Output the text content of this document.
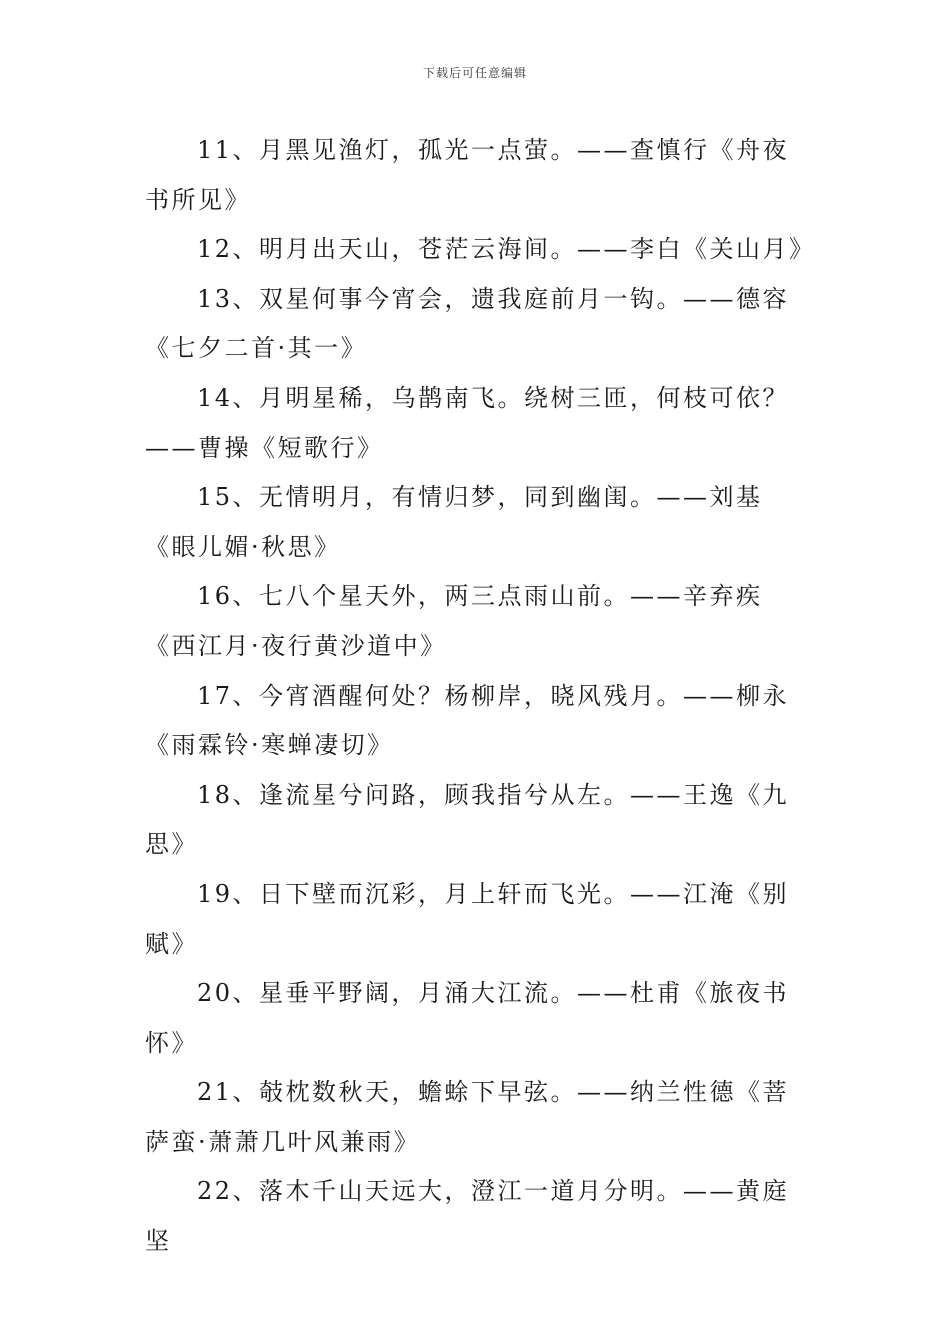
下载后可任意编辑

11、月黑见渔灯，孤光一点萤。——查慎行《舟夜书所见》

12、明月出天山，苍茫云海间。——李白《关山月》

13、双星何事今宵会，遗我庭前月一钩。——德容《七夕二首·其一》

14、月明星稀，乌鹊南飞。绕树三匝，何枝可依？——曹操《短歌行》

15、无情明月，有情归梦，同到幽闺。——刘基《眼儿媚·秋思》

16、七八个星天外，两三点雨山前。——辛弃疾《西江月·夜行黄沙道中》

17、今宵酒醒何处？杨柳岸，晓风残月。——柳永《雨霖铃·寒蝉凄切》

18、逢流星兮问路，顾我指兮从左。——王逸《九思》

19、日下壁而沉彩，月上轩而飞光。——江淹《别赋》

20、星垂平野阔，月涌大江流。——杜甫《旅夜书怀》

21、攲枕数秋天，蟾蜍下早弦。——纳兰性德《菩萨蛮·萧萧几叶风兼雨》

22、落木千山天远大，澄江一道月分明。——黄庭坚
